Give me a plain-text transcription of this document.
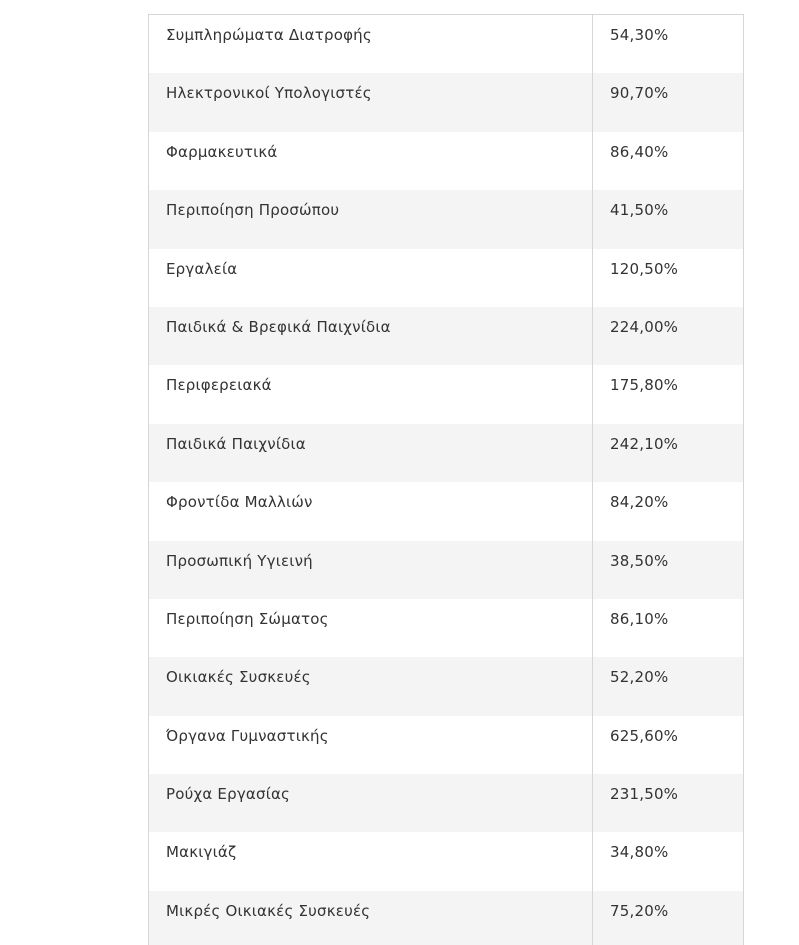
Συμπληρώματα Διατροφής	54,30%
Ηλεκτρονικοί Υπολογιστές	90,70%
Φαρμακευτικά	86,40%
Περιποίηση Προσώπου	41,50%
Εργαλεία	120,50%
Παιδικά & Βρεφικά Παιχνίδια	224,00%
Περιφερειακά	175,80%
Παιδικά Παιχνίδια	242,10%
Φροντίδα Μαλλιών	84,20%
Προσωπική Υγιεινή	38,50%
Περιποίηση Σώματος	86,10%
Οικιακές Συσκευές	52,20%
Όργανα Γυμναστικής	625,60%
Ρούχα Εργασίας	231,50%
Μακιγιάζ	34,80%
Μικρές Οικιακές Συσκευές	75,20%
